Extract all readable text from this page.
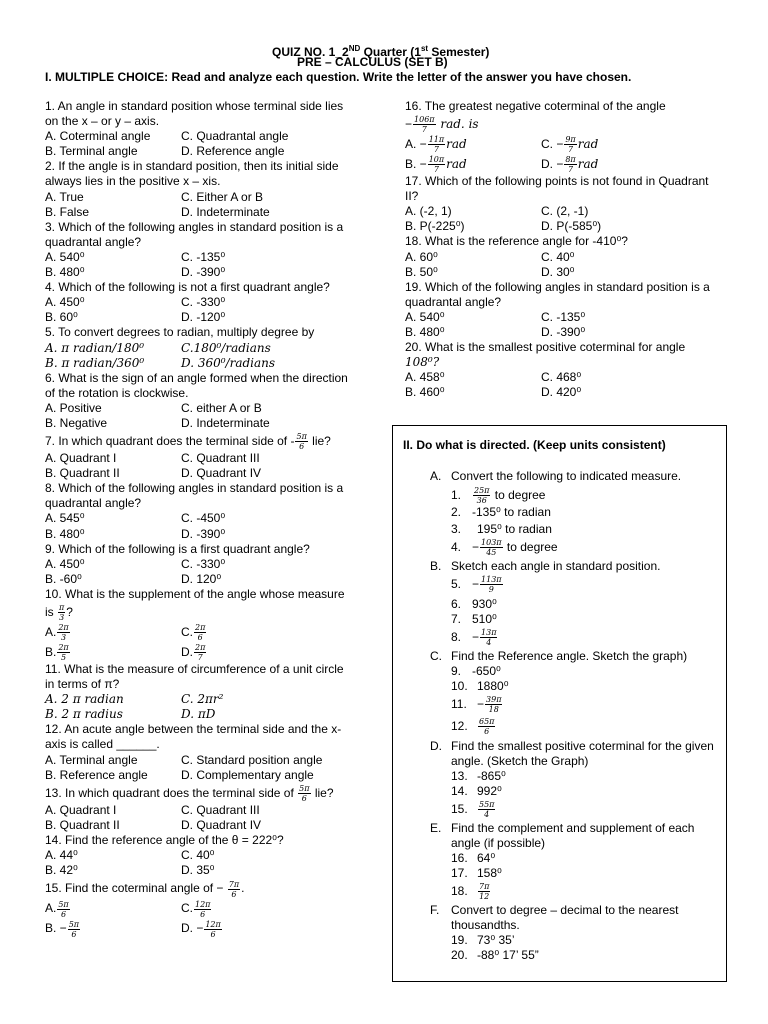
QUIZ NO. 1_2ND Quarter (1st Semester)
PRE – CALCULUS (SET B)
I. MULTIPLE CHOICE: Read and analyze each question. Write the letter of the answer you have chosen.
1. An angle in standard position whose terminal side lies
on the x – or y – axis.
A. Coterminal angle	C. Quadrantal angle
B. Terminal angle	D. Reference angle
2. If the angle is in standard position, then its initial side
always lies in the positive x – xis.
A. True	C. Either A or B
B. False	D. Indeterminate
3. Which of the following angles in standard position is a
quadrantal angle?
A. 540⁰	C. -135⁰
B. 480⁰	D. -390⁰
4. Which of the following is not a first quadrant angle?
A. 450⁰	C. -330⁰
B. 60⁰	D. -120⁰
5. To convert degrees to radian, multiply degree by
A. π radian/180⁰	C.180⁰/radians
B. π radian/360⁰	D. 360⁰/radians
6. What is the sign of an angle formed when the direction
of the rotation is clockwise.
A. Positive	C. either A or B
B. Negative	D. Indeterminate
7. In which quadrant does the terminal side of - $\frac{5\pi}{6}$ lie?
A. Quadrant I	C. Quadrant III
B. Quadrant II	D. Quadrant IV
8. Which of the following angles in standard position is a
quadrantal angle?
A. 545⁰	C. -450⁰
B. 480⁰	D. -390⁰
9. Which of the following is a first quadrant angle?
A. 450⁰	C. -330⁰
B. -60⁰	D. 120⁰
10. What is the supplement of the angle whose measure
is $\frac{\pi}{3}$ ?
A. $\frac{2\pi}{3}$	C. $\frac{2\pi}{6}$
B. $\frac{2\pi}{5}$	D. $\frac{2\pi}{7}$
11. What is the measure of circumference of a unit circle
in terms of π?
A. 2 π radian	C. 2πr²
B. 2 π radius	D. πD
12. An acute angle between the terminal side and the x-
axis is called ______.
A. Terminal angle	C. Standard position angle
B. Reference angle	D. Complementary angle
13. In which quadrant does the terminal side of $\frac{5\pi}{6}$ lie?
A. Quadrant I	C. Quadrant III
B. Quadrant II	D. Quadrant IV
14. Find the reference angle of the θ = 222⁰?
A. 44⁰	C. 40⁰
B. 42⁰	D. 35⁰
15. Find the coterminal angle of − $\frac{7\pi}{6}$ .
A. $\frac{5\pi}{6}$	C. $\frac{12\pi}{6}$
B. − $\frac{5\pi}{6}$	D. − $\frac{12\pi}{6}$
16. The greatest negative coterminal of the angle
− $\frac{106\pi}{7}$ rad. is
A. − $\frac{11\pi}{7}$ rad	C. − $\frac{9\pi}{7}$ rad
B. − $\frac{10\pi}{7}$ rad	D. − $\frac{8\pi}{7}$ rad
17. Which of the following points is not found in Quadrant
II?
A. (-2, 1)	C. (2, -1)
B. P(-225⁰)	D. P(-585⁰)
18. What is the reference angle for -410⁰?
A. 60⁰	C. 40⁰
B. 50⁰	D. 30⁰
19. Which of the following angles in standard position is a
quadrantal angle?
A. 540⁰	C. -135⁰
B. 480⁰	D. -390⁰
20. What is the smallest positive coterminal for angle
108⁰?
A. 458⁰	C. 468⁰
B. 460⁰	D. 420⁰
II. Do what is directed. (Keep units consistent)
A. Convert the following to indicated measure.
1. $\frac{25\pi}{36}$ to degree
2. -135⁰ to radian
3. 195⁰ to radian
4. − $\frac{103\pi}{45}$ to degree
B. Sketch each angle in standard position.
5. − $\frac{113\pi}{9}$
6. 930⁰
7. 510⁰
8. − $\frac{13\pi}{4}$
C. Find the Reference angle. Sketch the graph)
9. -650⁰
10. 1880⁰
11. − $\frac{39\pi}{18}$
12. $\frac{65\pi}{6}$
D. Find the smallest positive coterminal for the given
angle. (Sketch the Graph)
13. -865⁰
14. 992⁰
15. $\frac{55\pi}{4}$
E. Find the complement and supplement of each
angle (if possible)
16. 64⁰
17. 158⁰
18. $\frac{7\pi}{12}$
F. Convert to degree – decimal to the nearest
thousandths.
19. 73⁰ 35’
20. -88⁰ 17’ 55”
